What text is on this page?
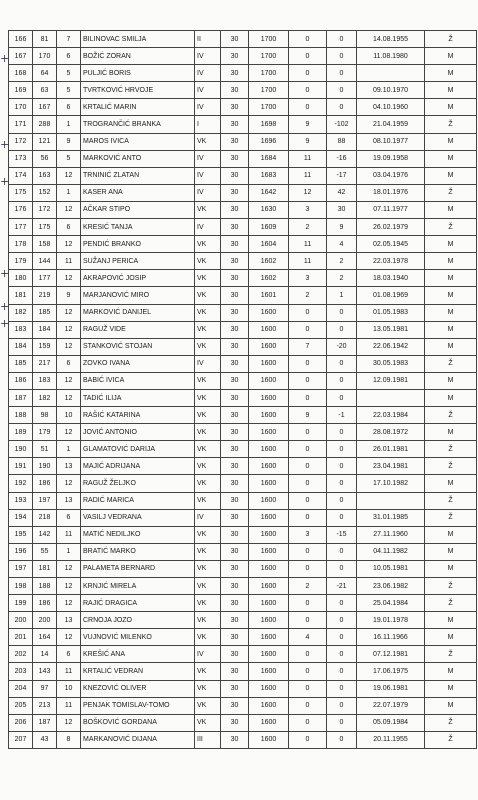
+
+
+
+
+
+
166	81	7	BILINOVAC SMILJA	II	30	1700	0	0	14.08.1955	Ž
167	170	6	BOŽIĆ ZORAN	IV	30	1700	0	0	11.08.1980	M
168	64	5	PULJIĆ BORIS	IV	30	1700	0	0		M
169	63	5	TVRTKOVIĆ HRVOJE	IV	30	1700	0	0	09.10.1970	M
170	167	6	KRTALIĆ MARIN	IV	30	1700	0	0	04.10.1960	M
171	288	1	TROGRANČIĆ BRANKA	I	30	1698	9	-102	21.04.1959	Ž
172	121	9	MAROS IVICA	VK	30	1696	9	88	08.10.1977	M
173	56	5	MARKOVIĆ ANTO	IV	30	1684	11	-16	19.09.1958	M
174	163	12	TRNINIĆ ZLATAN	IV	30	1683	11	-17	03.04.1976	M
175	152	1	KASER ANA	IV	30	1642	12	42	18.01.1976	Ž
176	172	12	AČKAR STIPO	VK	30	1630	3	30	07.11.1977	M
177	175	6	KRESIĆ TANJA	IV	30	1609	2	9	26.02.1979	Ž
178	158	12	PENDIĆ BRANKO	VK	30	1604	11	4	02.05.1945	M
179	144	11	SUŽANJ PERICA	VK	30	1602	11	2	22.03.1978	M
180	177	12	AKRAPOVIĆ JOSIP	VK	30	1602	3	2	18.03.1940	M
181	219	9	MARJANOVIĆ MIRO	VK	30	1601	2	1	01.08.1969	M
182	185	12	MARKOVIĆ DANIJEL	VK	30	1600	0	0	01.05.1983	M
183	184	12	RAGUŽ VIDE	VK	30	1600	0	0	13.05.1981	M
184	159	12	STANKOVIĆ STOJAN	VK	30	1600	7	-20	22.06.1942	M
185	217	6	ZOVKO IVANA	IV	30	1600	0	0	30.05.1983	Ž
186	183	12	BABIĆ IVICA	VK	30	1600	0	0	12.09.1981	M
187	182	12	TADIĆ ILIJA	VK	30	1600	0	0		M
188	98	10	RAŠIĆ KATARINA	VK	30	1600	9	-1	22.03.1984	Ž
189	179	12	JOVIĆ ANTONIO	VK	30	1600	0	0	28.08.1972	M
190	51	1	GLAMATOVIĆ DARIJA	VK	30	1600	0	0	26.01.1981	Ž
191	190	13	MAJIĆ ADRIJANA	VK	30	1600	0	0	23.04.1981	Ž
192	186	12	RAGUŽ ŽELJKO	VK	30	1600	0	0	17.10.1982	M
193	197	13	RADIĆ MARICA	VK	30	1600	0	0		Ž
194	218	6	VASILJ VEDRANA	IV	30	1600	0	0	31.01.1985	Ž
195	142	11	MATIĆ NEDILJKO	VK	30	1600	3	-15	27.11.1960	M
196	55	1	BRATIĆ MARKO	VK	30	1600	0	0	04.11.1982	M
197	181	12	PALAMETA BERNARD	VK	30	1600	0	0	10.05.1981	M
198	188	12	KRNJIĆ MIRELA	VK	30	1600	2	-21	23.06.1982	Ž
199	186	12	RAJIĆ DRAGICA	VK	30	1600	0	0	25.04.1984	Ž
200	200	13	CRNOJA JOZO	VK	30	1600	0	0	19.01.1978	M
201	164	12	VUJNOVIĆ MILENKO	VK	30	1600	4	0	16.11.1966	M
202	14	6	KREŠIĆ ANA	IV	30	1600	0	0	07.12.1981	Ž
203	143	11	KRTALIĆ VEDRAN	VK	30	1600	0	0	17.06.1975	M
204	97	10	KNEZOVIĆ OLIVER	VK	30	1600	0	0	19.06.1981	M
205	213	11	PENJAK TOMISLAV-TOMO	VK	30	1600	0	0	22.07.1979	M
206	187	12	BOŠKOVIĆ GORDANA	VK	30	1600	0	0	05.09.1984	Ž
207	43	8	MARKANOVIĆ DIJANA	III	30	1600	0	0	20.11.1955	Ž
